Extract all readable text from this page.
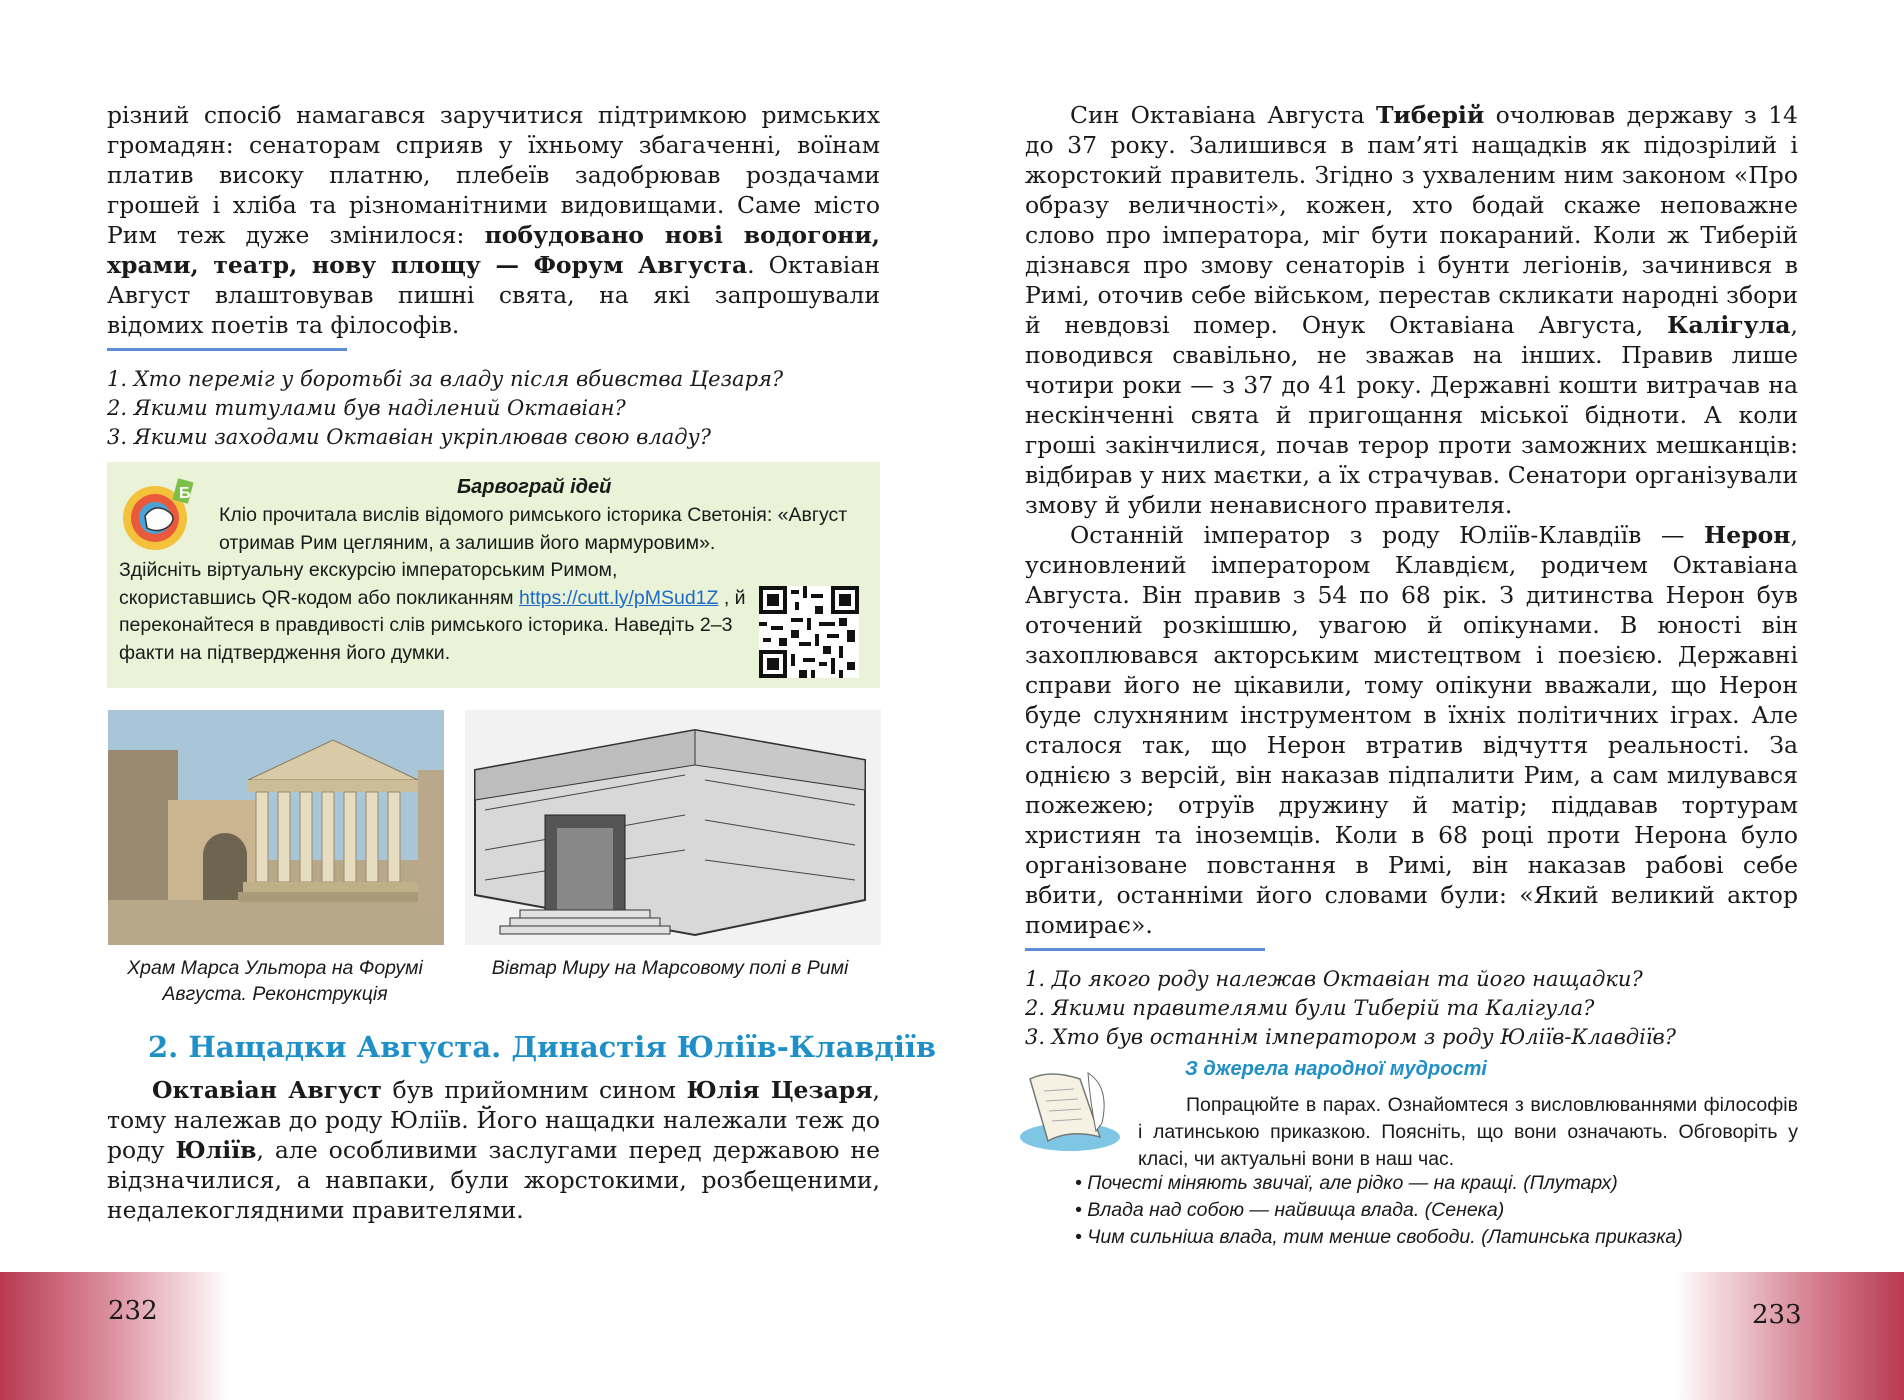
різний спосіб намагався заручитися підтримкою римських громадян: сенаторам сприяв у їхньому збагаченні, воїнам платив високу платню, плебеїв задобрював роздачами грошей і хліба та різноманітними видовищами. Саме місто Рим теж дуже змінилося: побудовано нові водогони, храми, театр, нову площу — Форум Августа. Октавіан Август влаштовував пишні свята, на які запрошували відомих поетів та філософів.

1. Хто переміг у боротьбі за владу після вбивства Цезаря?

2. Якими титулами був наділений Октавіан?

3. Якими заходами Октавіан укріплював свою владу?

Б	Барвограй ідей
Кліо прочитала вислів відомого римського історика Светонія: «Август отримав Рим цегляним, а залишив його мармуровим».
Здійсніть віртуальну екскурсію імператорським Римом, скориставшись QR-кодом або покликанням https://cutt.ly/pMSud1Z , й переконайтеся в правдивості слів римського історика. Наведіть 2–3 факти на підтвердження його думки.
Храм Марса Ультора на Форумі Августа. Реконструкція
Вівтар Миру на Марсовому полі в Римі
2. Нащадки Августа. Династія Юліїв-Клавдіїв

Октавіан Август був прийомним сином Юлія Цезаря, тому належав до роду Юліїв. Його нащадки належали теж до роду Юліїв, але особливими заслугами перед державою не відзначилися, а навпаки, були жорстокими, розбещеними, недалекоглядними правителями.

Син Октавіана Августа Тиберій очолював державу з 14 до 37 року. Залишився в пам’яті нащадків як підозрілий і жорстокий правитель. Згідно з ухваленим ним законом «Про образу величності», кожен, хто бодай скаже неповажне слово про імператора, міг бути покараний. Коли ж Тиберій дізнався про змову сенаторів і бунти легіонів, зачинився в Римі, оточив себе військом, перестав скликати народні збори й невдовзі помер. Онук Октавіана Августа, Калігула, поводився свавільно, не зважав на інших. Правив лише чотири роки — з 37 до 41 року. Державні кошти витрачав на нескінченні свята й пригощання міської бідноти. А коли гроші закінчилися, почав терор проти заможних мешканців: відбирав у них маєтки, а їх страчував. Сенатори організували змову й убили ненависного правителя.

Останній імператор з роду Юліїв-Клавдіїв — Нерон, усиновлений імператором Клавдієм, родичем Октавіана Августа. Він правив з 54 по 68 рік. З дитинства Нерон був оточений розкішшю, увагою й опікунами. В юності він захоплювався акторським мистецтвом і поезією. Державні справи його не цікавили, тому опікуни вважали, що Нерон буде слухняним інструментом в їхніх політичних іграх. Але сталося так, що Нерон втратив відчуття реальності. За однією з версій, він наказав підпалити Рим, а сам милувався пожежею; отруїв дружину й матір; піддавав тортурам християн та іноземців. Коли в 68 році проти Нерона було організоване повстання в Римі, він наказав рабові себе вбити, останніми його словами були: «Який великий актор помирає».

1. До якого роду належав Октавіан та його нащадки?

2. Якими правителями були Тиберій та Калігула?

3. Хто був останнім імператором з роду Юліїв-Клавдіїв?

З джерела народної мудрості
Попрацюйте в парах. Ознайомтеся з висловлюваннями філософів і латинською приказкою. Поясніть, що вони означають. Обговоріть у класі, чи актуальні вони в наш час.
• Почесті міняють звичаї, але рідко — на кращі. (Плутарх)
• Влада над собою — найвища влада. (Сенека)
• Чим сильніша влада, тим менше свободи. (Латинська приказка)
232	233
